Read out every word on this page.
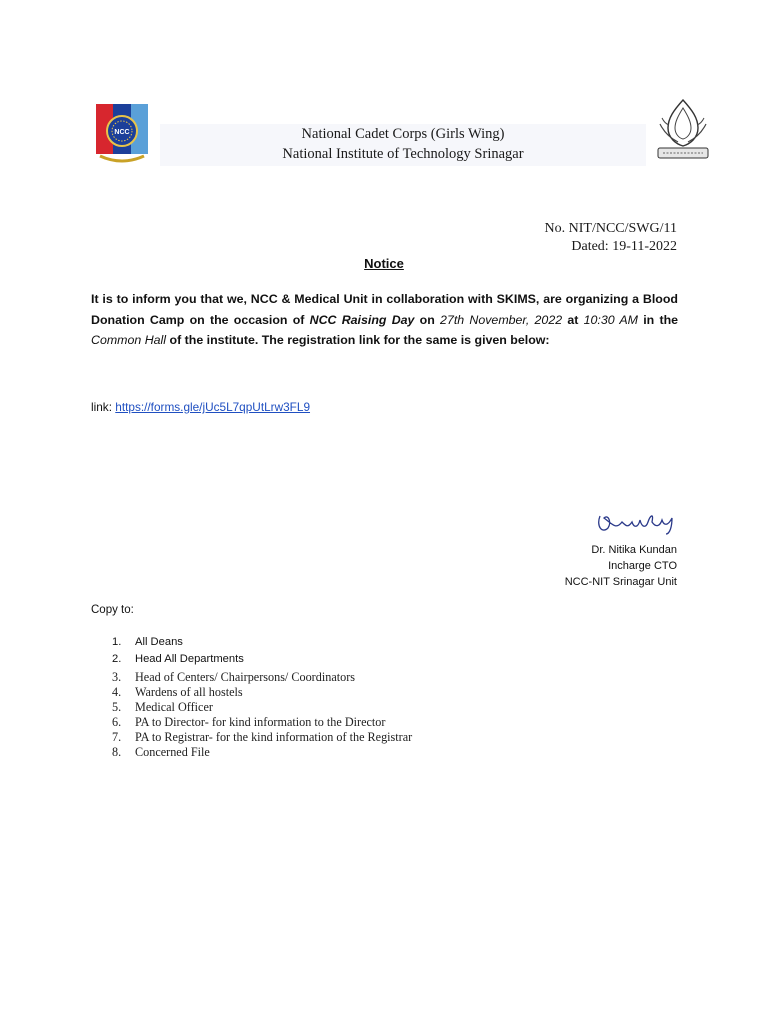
NCC	National Cadet Corps (Girls Wing)
National Institute of Technology Srinagar
No. NIT/NCC/SWG/11
Dated: 19-11-2022
Notice
It is to inform you that we, NCC & Medical Unit in collaboration with SKIMS, are organizing a Blood Donation Camp on the occasion of NCC Raising Day on 27th November, 2022 at 10:30 AM in the Common Hall of the institute. The registration link for the same is given below:
link: https://forms.gle/jUc5L7qpUtLrw3FL9
Nkundan
Dr. Nitika Kundan
Incharge CTO
NCC-NIT Srinagar Unit
Copy to:
1.	All Deans
2.	Head All Departments
3.	Head of Centers/ Chairpersons/ Coordinators
4.	Wardens of all hostels
5.	Medical Officer
6.	PA to Director- for kind information to the Director
7.	PA to Registrar- for the kind information of the Registrar
8.	Concerned File
